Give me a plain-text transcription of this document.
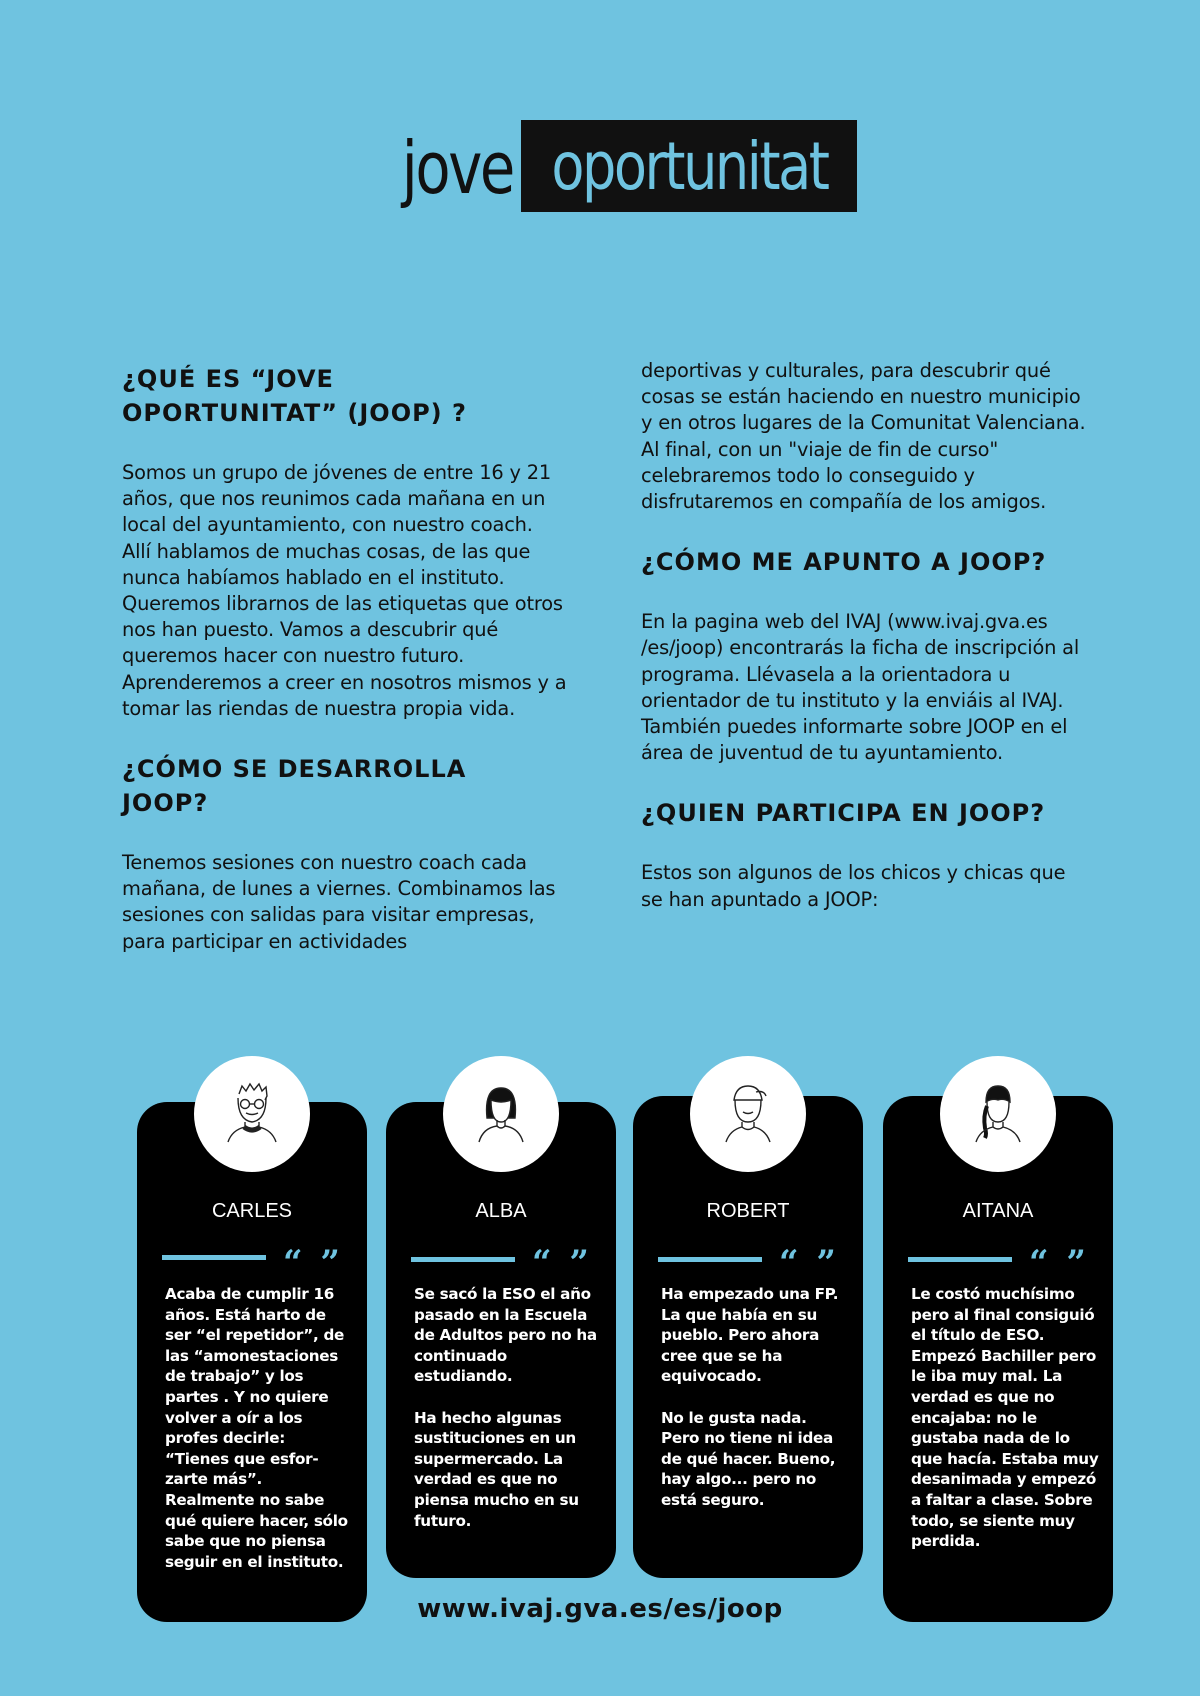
jove oportunitat
¿QUÉ ES “JOVE OPORTUNITAT” (JOOP) ?

Somos un grupo de jóvenes de entre 16 y 21 años, que nos reunimos cada mañana en un local del ayuntamiento, con nuestro coach. Allí hablamos de muchas cosas, de las que nunca habíamos hablado en el instituto. Queremos librarnos de las etiquetas que otros nos han puesto. Vamos a descubrir qué queremos hacer con nuestro futuro. Aprenderemos a creer en nosotros mismos y a tomar las riendas de nuestra propia vida.

¿CÓMO SE DESARROLLA JOOP?

Tenemos sesiones con nuestro coach cada mañana, de lunes a viernes. Combinamos las sesiones con salidas para visitar empresas, para participar en actividades

deportivas y culturales, para descubrir qué cosas se están haciendo en nuestro municipio y en otros lugares de la Comunitat Valenciana. Al final, con un "viaje de fin de curso" celebraremos todo lo conseguido y disfrutaremos en compañía de los amigos.

¿CÓMO ME APUNTO A JOOP?

En la pagina web del IVAJ (www.ivaj.gva.es /es/joop) encontrarás la ficha de inscripción al programa. Llévasela a la orientadora u orientador de tu instituto y la enviáis al IVAJ. También puedes informarte sobre JOOP en el área de juventud de tu ayuntamiento.

¿QUIEN PARTICIPA EN JOOP?

Estos son algunos de los chicos y chicas que se han apuntado a JOOP:

CARLES
“ ”
Acaba de cumplir 16 años. Está harto de ser “el repetidor”, de las “amonestaciones de trabajo” y los partes . Y no quiere volver a oír a los profes decirle: “Tienes que esfor-zarte más”. Realmente no sabe qué quiere hacer, sólo sabe que no piensa seguir en el instituto.
ALBA
“ ”
Se sacó la ESO el año pasado en la Escuela de Adultos pero no ha continuado estudiando.

Ha hecho algunas sustituciones en un supermercado. La verdad es que no piensa mucho en su futuro.
ROBERT
“ ”
Ha empezado una FP. La que había en su pueblo. Pero ahora cree que se ha equivocado.

No le gusta nada. Pero no tiene ni idea de qué hacer. Bueno, hay algo... pero no está seguro.
AITANA
“ ”
Le costó muchísimo pero al final consiguió el título de ESO. Empezó Bachiller pero le iba muy mal. La verdad es que no encajaba: no le gustaba nada de lo que hacía. Estaba muy desanimada y empezó a faltar a clase. Sobre todo, se siente muy perdida.
www.ivaj.gva.es/es/joop
